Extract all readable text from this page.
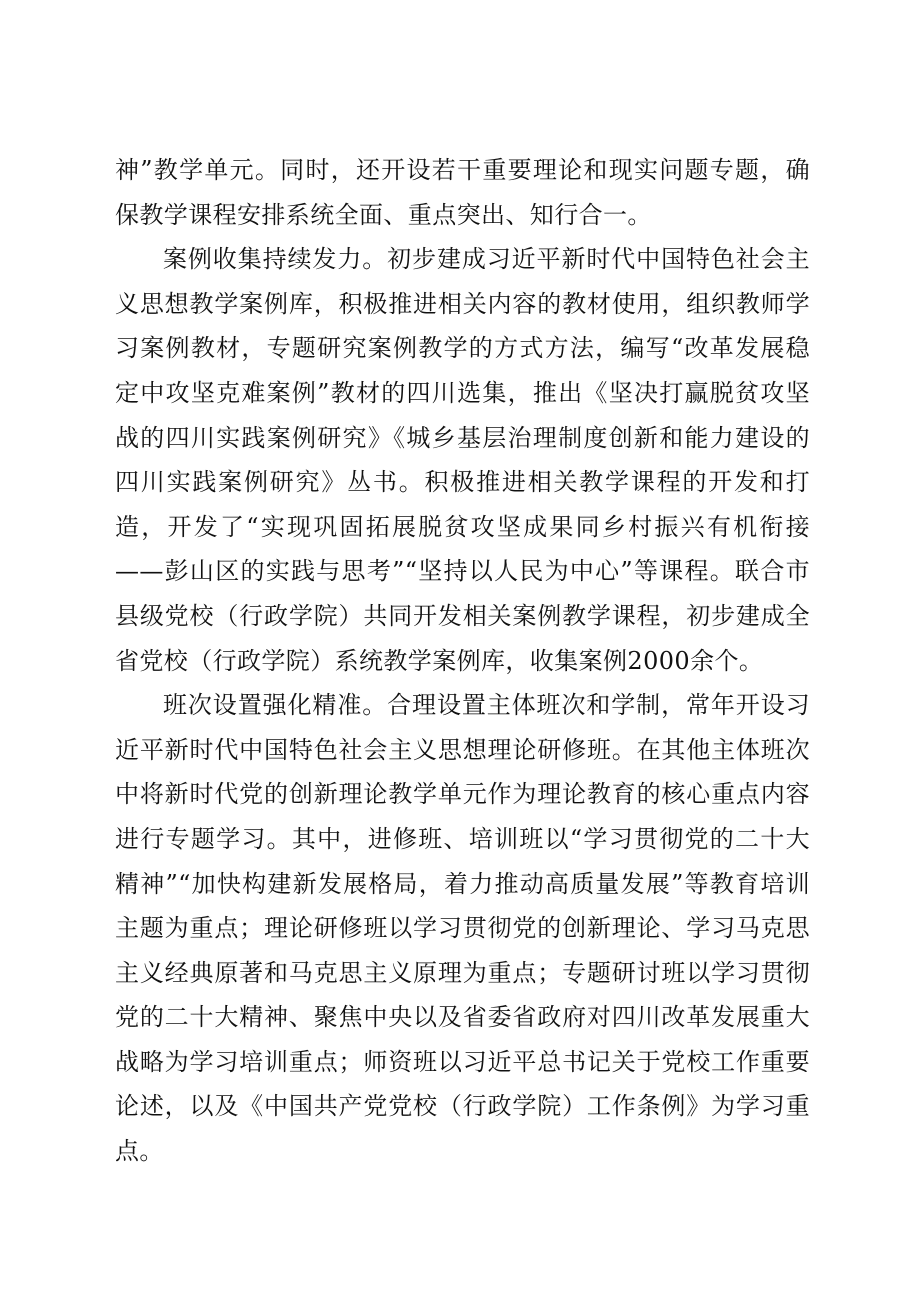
神”教学单元。同时，还开设若干重要理论和现实问题专题，确保教学课程安排系统全面、重点突出、知行合一。

案例收集持续发力。初步建成习近平新时代中国特色社会主义思想教学案例库，积极推进相关内容的教材使用，组织教师学习案例教材，专题研究案例教学的方式方法，编写“改革发展稳定中攻坚克难案例”教材的四川选集，推出《坚决打赢脱贫攻坚战的四川实践案例研究》《城乡基层治理制度创新和能力建设的四川实践案例研究》丛书。积极推进相关教学课程的开发和打造，开发了“实现巩固拓展脱贫攻坚成果同乡村振兴有机衔接——彭山区的实践与思考”“坚持以人民为中心”等课程。联合市县级党校（行政学院）共同开发相关案例教学课程，初步建成全省党校（行政学院）系统教学案例库，收集案例2000余个。

班次设置强化精准。合理设置主体班次和学制，常年开设习近平新时代中国特色社会主义思想理论研修班。在其他主体班次中将新时代党的创新理论教学单元作为理论教育的核心重点内容进行专题学习。其中，进修班、培训班以“学习贯彻党的二十大精神”“加快构建新发展格局，着力推动高质量发展”等教育培训主题为重点；理论研修班以学习贯彻党的创新理论、学习马克思主义经典原著和马克思主义原理为重点；专题研讨班以学习贯彻党的二十大精神、聚焦中央以及省委省政府对四川改革发展重大战略为学习培训重点；师资班以习近平总书记关于党校工作重要论述，以及《中国共产党党校（行政学院）工作条例》为学习重点。
